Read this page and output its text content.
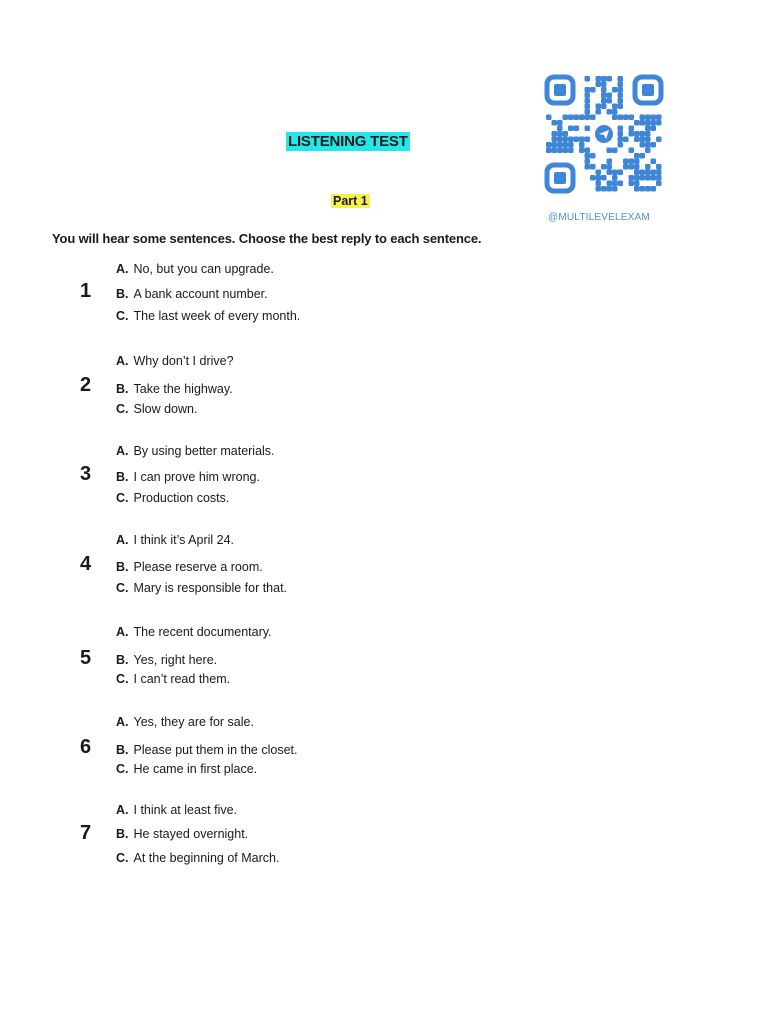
LISTENING TEST
@MULTILEVELEXAM
Part 1
You will hear some sentences. Choose the best reply to each sentence.
1
A. No, but you can upgrade.
B. A bank account number.
C. The last week of every month.
2
A. Why don’t I drive?
B. Take the highway.
C. Slow down.
3
A. By using better materials.
B. I can prove him wrong.
C. Production costs.
4
A. I think it’s April 24.
B. Please reserve a room.
C. Mary is responsible for that.
5
A. The recent documentary.
B. Yes, right here.
C. I can’t read them.
6
A. Yes, they are for sale.
B. Please put them in the closet.
C. He came in first place.
7
A. I think at least five.
B. He stayed overnight.
C. At the beginning of March.
